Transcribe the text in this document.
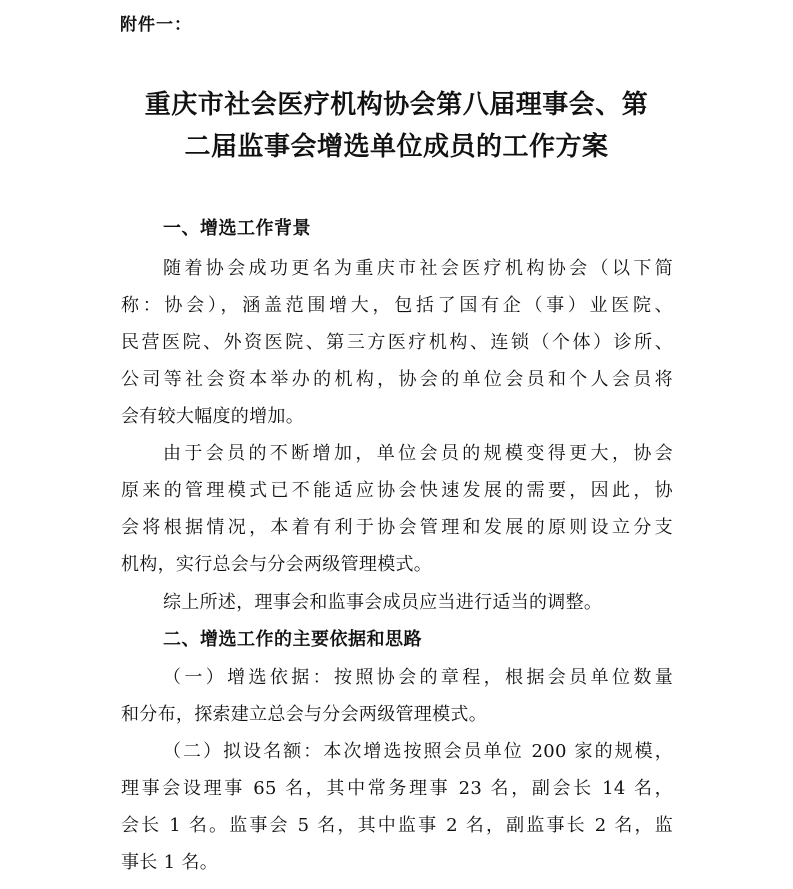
附件一：
重庆市社会医疗机构协会第八届理事会、第
二届监事会增选单位成员的工作方案
一、增选工作背景
随着协会成功更名为重庆市社会医疗机构协会（以下简
称：协会），涵盖范围增大，包括了国有企（事）业医院、
民营医院、外资医院、第三方医疗机构、连锁（个体）诊所、
公司等社会资本举办的机构，协会的单位会员和个人会员将
会有较大幅度的增加。
由于会员的不断增加，单位会员的规模变得更大，协会
原来的管理模式已不能适应协会快速发展的需要，因此，协
会将根据情况，本着有利于协会管理和发展的原则设立分支
机构，实行总会与分会两级管理模式。
综上所述，理事会和监事会成员应当进行适当的调整。
二、增选工作的主要依据和思路
（一）增选依据：按照协会的章程，根据会员单位数量
和分布，探索建立总会与分会两级管理模式。
（二）拟设名额：本次增选按照会员单位 200 家的规模，
理事会设理事 65 名，其中常务理事 23 名，副会长 14 名，
会长 1 名。监事会 5 名，其中监事 2 名，副监事长 2 名，监
事长 1 名。
